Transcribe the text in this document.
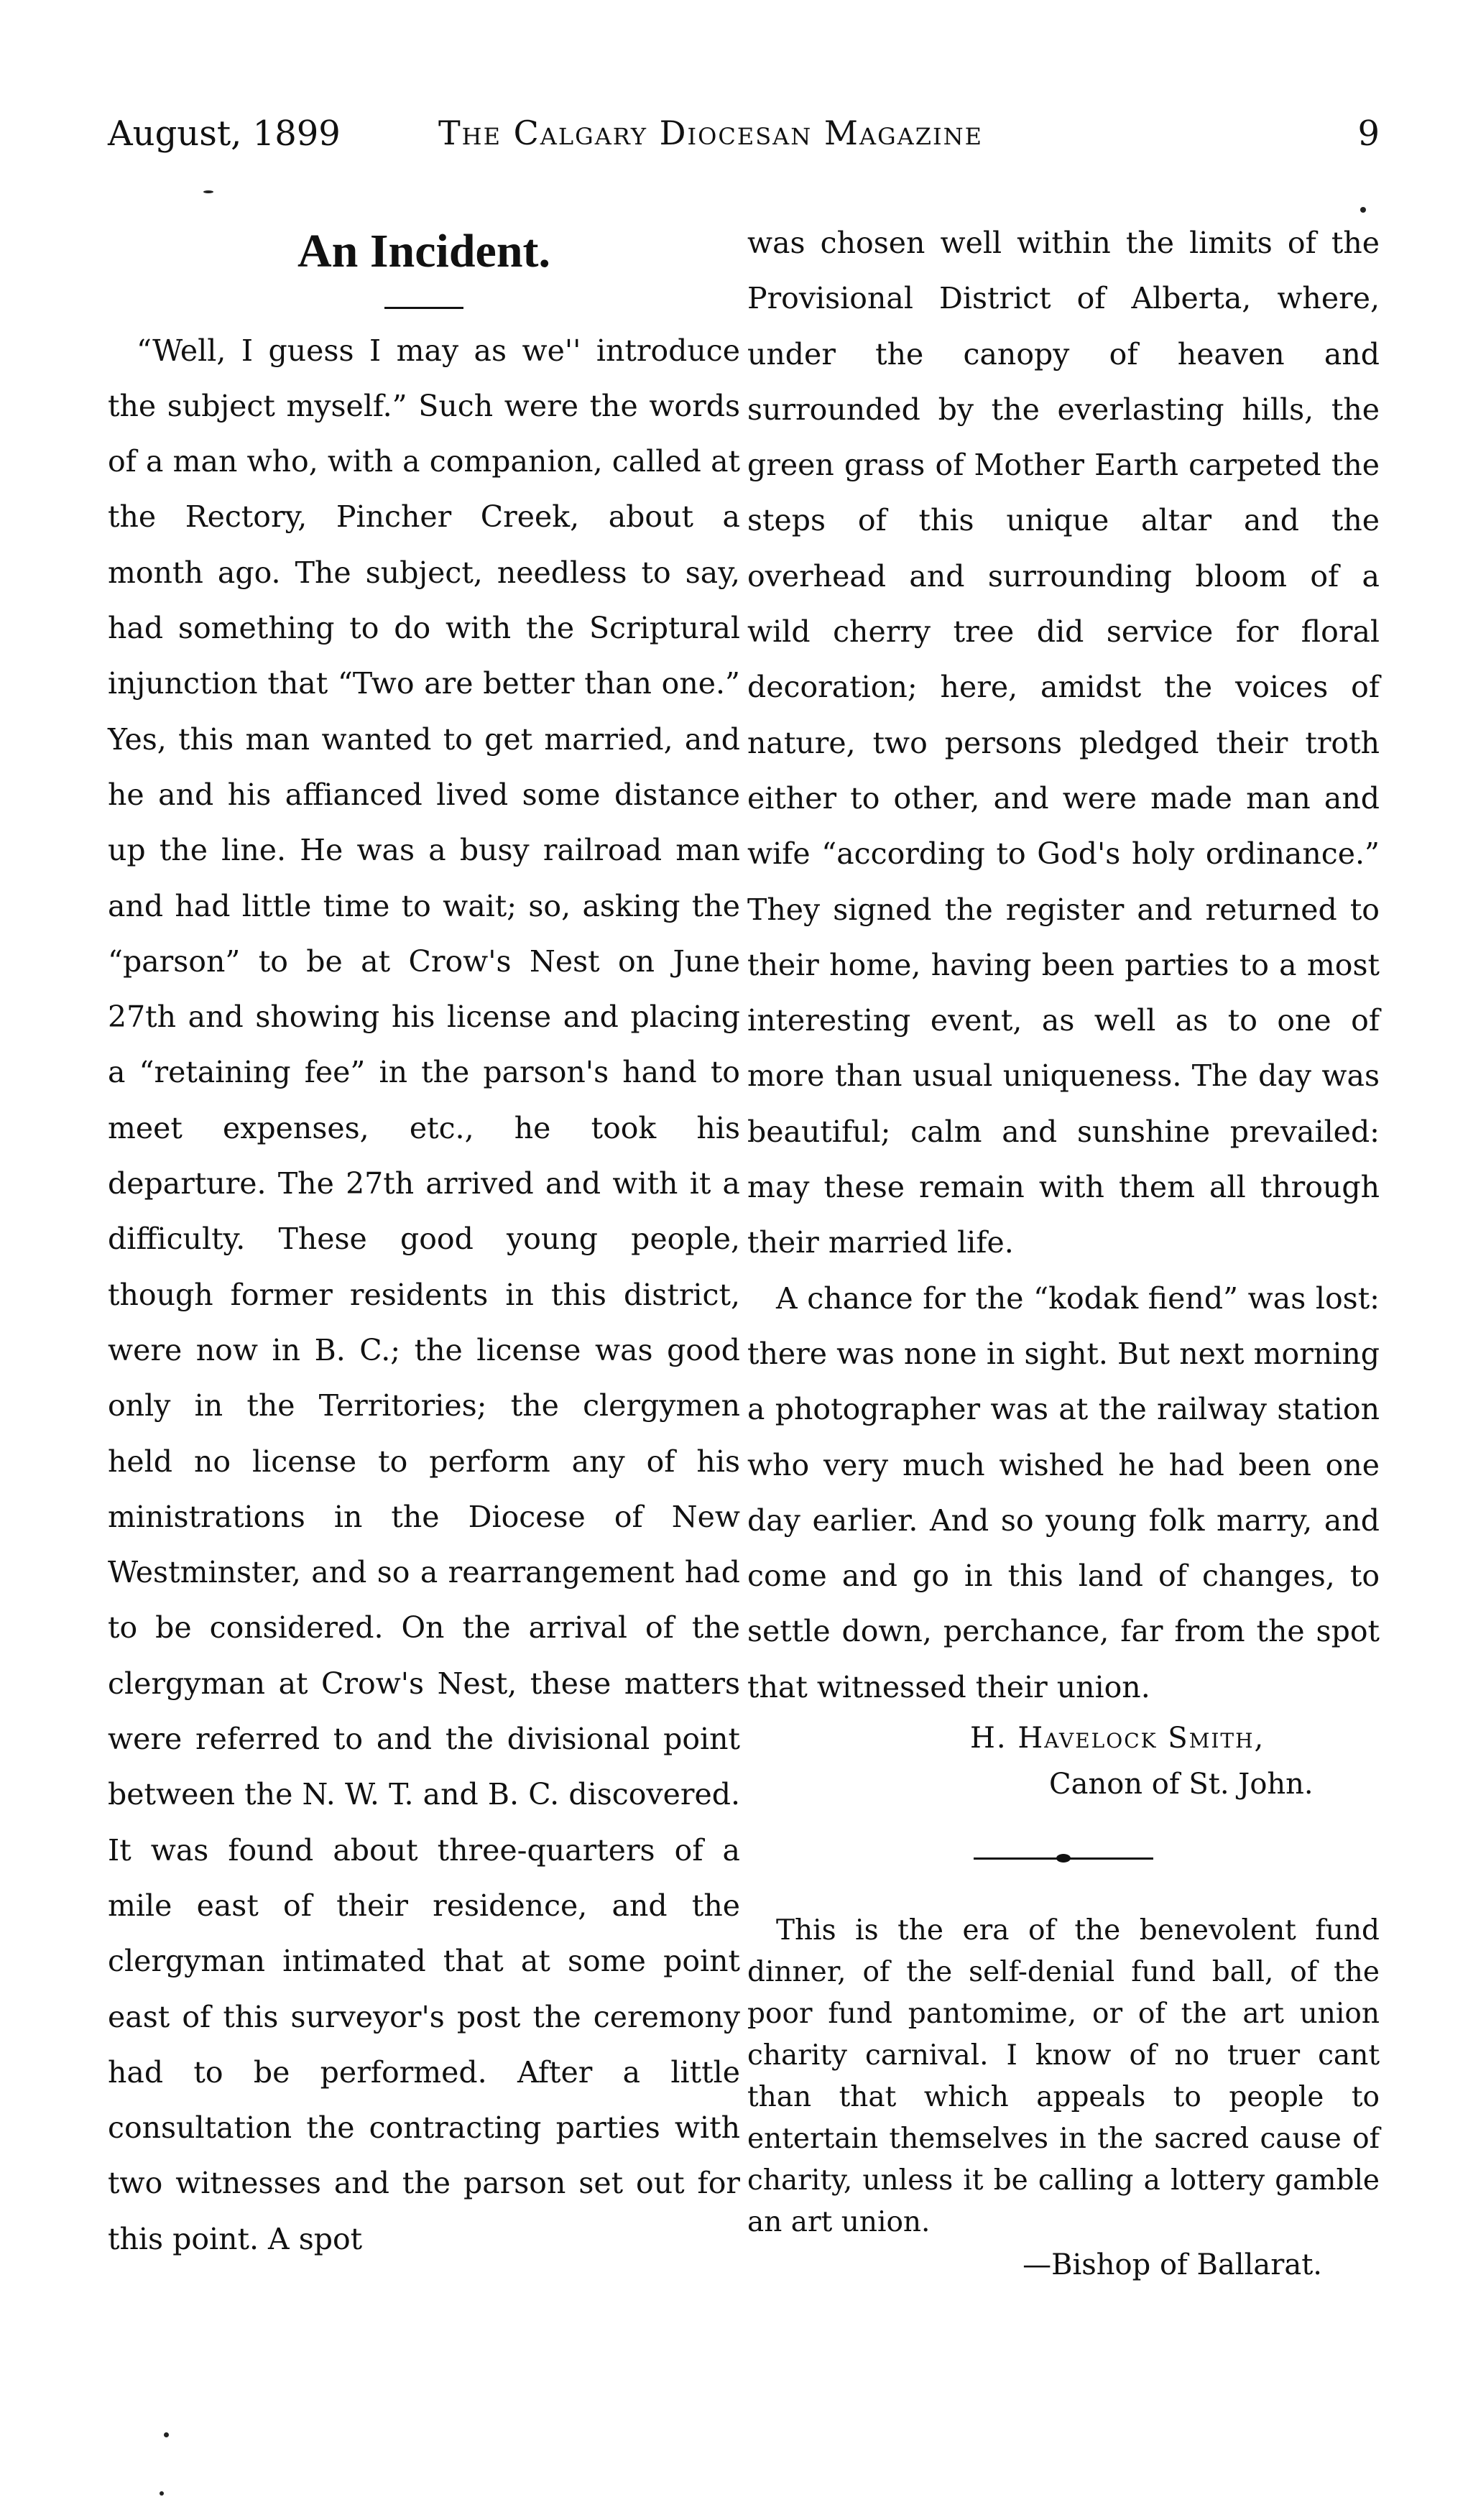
August, 1899	The Calgary Diocesan Magazine	9
An Incident.

“Well, I guess I may as we'' introduce the subject myself.” Such were the words of a man who, with a companion, called at the Rectory, Pincher Creek, about a month ago. The subject, needless to say, had something to do with the Scriptural injunction that “Two are better than one.” Yes, this man wanted to get married, and he and his affianced lived some distance up the line. He was a busy railroad man and had little time to wait; so, asking the “parson” to be at Crow's Nest on June 27th and showing his license and placing a “retaining fee” in the parson's hand to meet expenses, etc., he took his departure. The 27th arrived and with it a difficulty. These good young people, though former residents in this district, were now in B. C.; the license was good only in the Territories; the clergymen held no license to perform any of his ministrations in the Diocese of New Westminster, and so a rearrangement had to be considered. On the arrival of the clergyman at Crow's Nest, these matters were referred to and the divisional point between the N. W. T. and B. C. discovered. It was found about three-quarters of a mile east of their residence, and the clergyman intimated that at some point east of this surveyor's post the ceremony had to be performed. After a little consultation the contracting parties with two witnesses and the parson set out for this point. A spot

was chosen well within the limits of the Provisional District of Alberta, where, under the canopy of heaven and surrounded by the everlasting hills, the green grass of Mother Earth carpeted the steps of this unique altar and the overhead and surrounding bloom of a wild cherry tree did service for floral decoration; here, amidst the voices of nature, two persons pledged their troth either to other, and were made man and wife “according to God's holy ordinance.” They signed the register and returned to their home, having been parties to a most interesting event, as well as to one of more than usual uniqueness. The day was beautiful; calm and sunshine prevailed: may these remain with them all through their married life.

A chance for the “kodak fiend” was lost: there was none in sight. But next morning a photographer was at the railway station who very much wished he had been one day earlier. And so young folk marry, and come and go in this land of changes, to settle down, perchance, far from the spot that witnessed their union.

H. Havelock Smith,
Canon of St. John.

This is the era of the benevolent fund dinner, of the self-denial fund ball, of the poor fund pantomime, or of the art union charity carnival. I know of no truer cant than that which appeals to people to entertain themselves in the sacred cause of charity, unless it be calling a lottery gamble an art union.

—Bishop of Ballarat.
